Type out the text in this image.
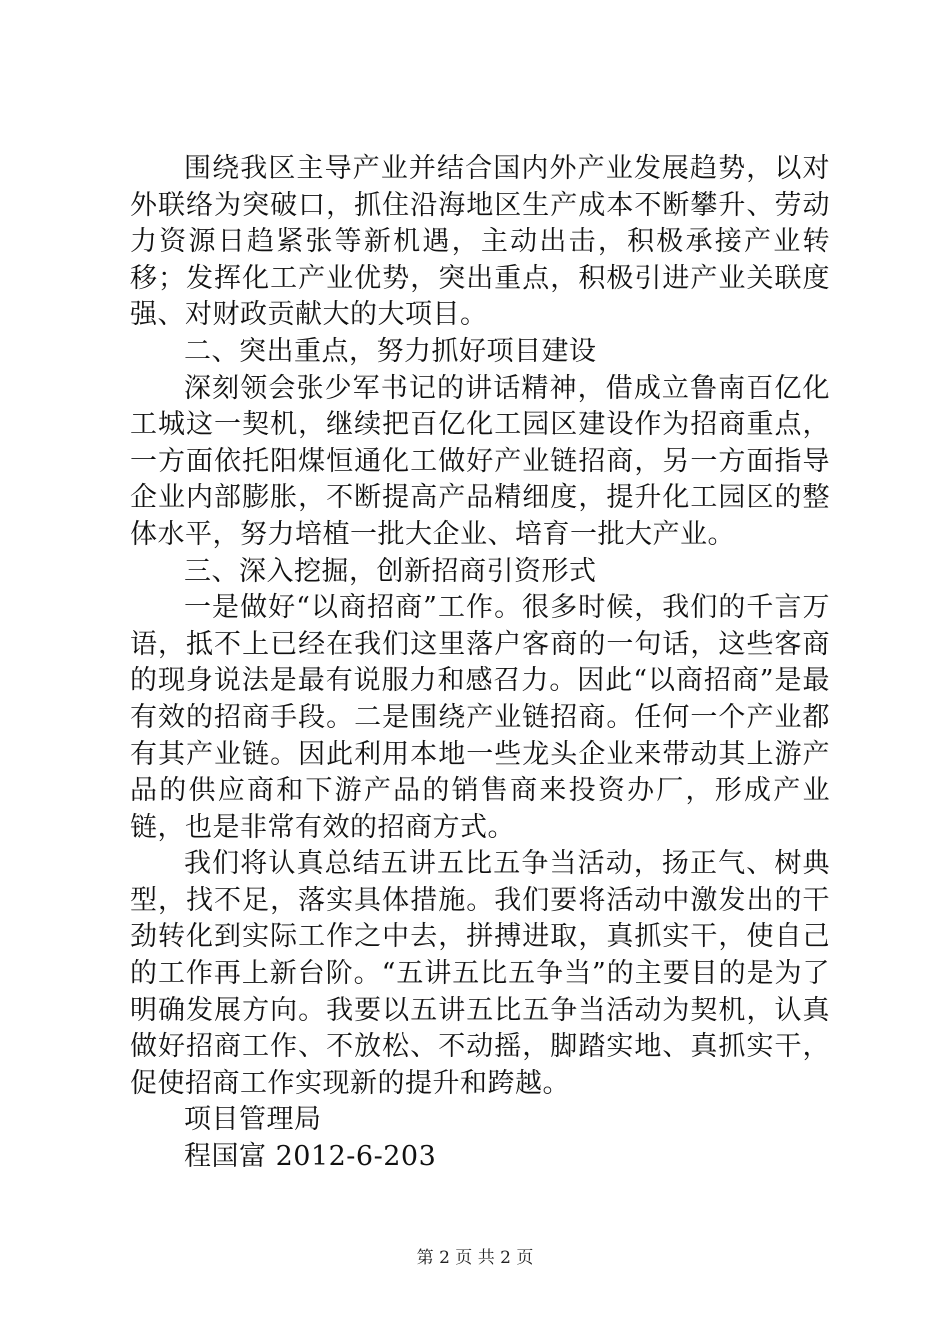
围绕我区主导产业并结合国内外产业发展趋势，以对外联络为突破口，抓住沿海地区生产成本不断攀升、劳动力资源日趋紧张等新机遇，主动出击，积极承接产业转移；发挥化工产业优势，突出重点，积极引进产业关联度强、对财政贡献大的大项目。

二、突出重点，努力抓好项目建设

深刻领会张少军书记的讲话精神，借成立鲁南百亿化工城这一契机，继续把百亿化工园区建设作为招商重点，一方面依托阳煤恒通化工做好产业链招商，另一方面指导企业内部膨胀，不断提高产品精细度，提升化工园区的整体水平，努力培植一批大企业、培育一批大产业。

三、深入挖掘，创新招商引资形式

一是做好“以商招商”工作。很多时候，我们的千言万语，抵不上已经在我们这里落户客商的一句话，这些客商的现身说法是最有说服力和感召力。因此“以商招商”是最有效的招商手段。二是围绕产业链招商。任何一个产业都有其产业链。因此利用本地一些龙头企业来带动其上游产品的供应商和下游产品的销售商来投资办厂，形成产业链，也是非常有效的招商方式。

我们将认真总结五讲五比五争当活动，扬正气、树典型，找不足，落实具体措施。我们要将活动中激发出的干劲转化到实际工作之中去，拼搏进取，真抓实干，使自己的工作再上新台阶。“五讲五比五争当”的主要目的是为了明确发展方向。我要以五讲五比五争当活动为契机，认真做好招商工作、不放松、不动摇，脚踏实地、真抓实干，促使招商工作实现新的提升和跨越。

项目管理局

程国富 2012-6-203

第 2 页 共 2 页
